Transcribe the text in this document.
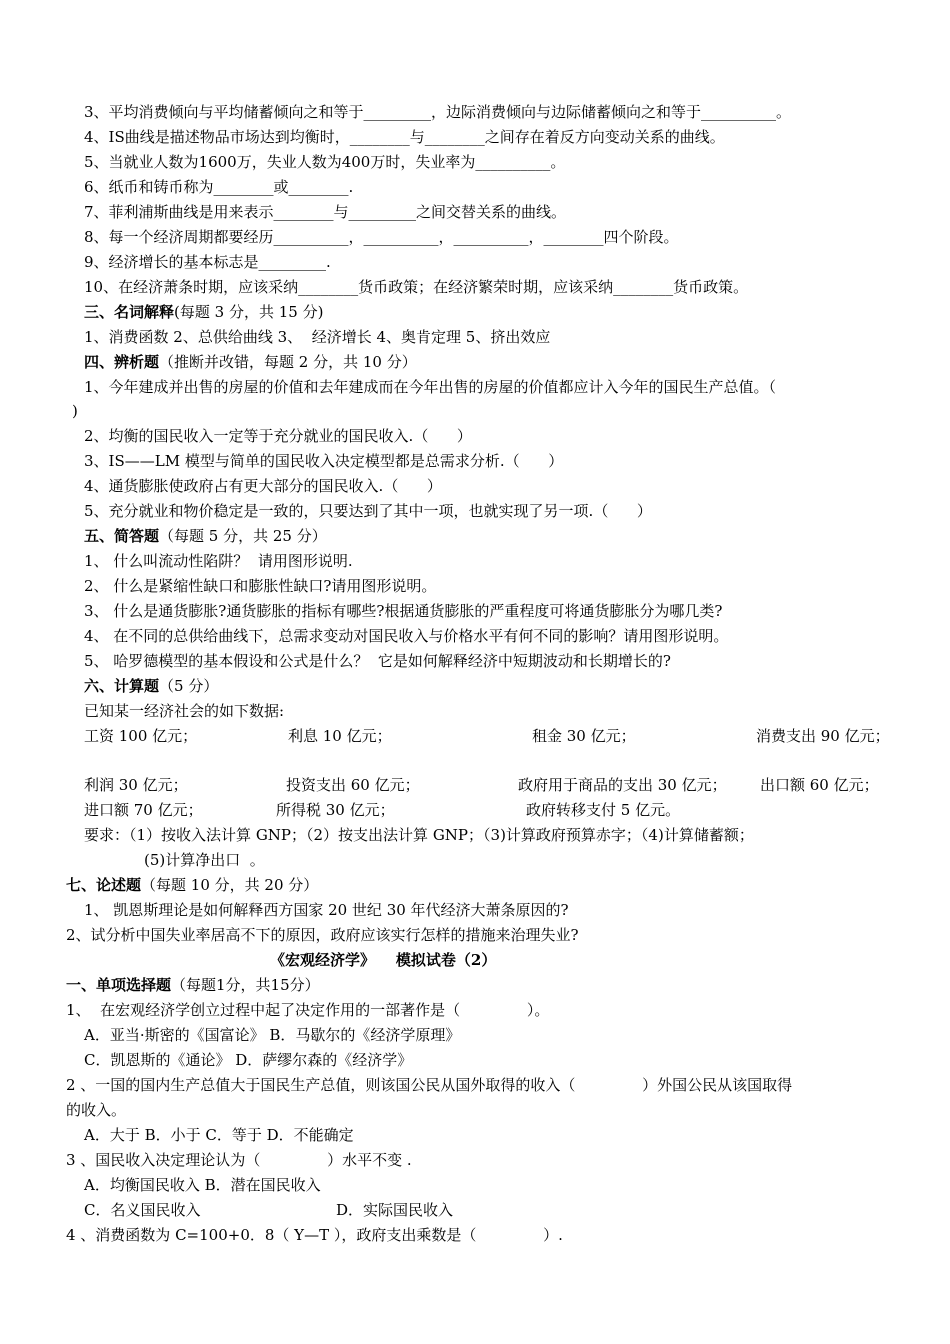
3、平均消费倾向与平均储蓄倾向之和等于_________，边际消费倾向与边际储蓄倾向之和等于__________。
4、IS曲线是描述物品市场达到均衡时，________与________之间存在着反方向变动关系的曲线。
5、当就业人数为1600万，失业人数为400万时，失业率为__________。
6、纸币和铸币称为________或________.
7、菲利浦斯曲线是用来表示________与_________之间交替关系的曲线。
8、每一个经济周期都要经历__________，__________，__________，________四个阶段。
9、经济增长的基本标志是_________.
10、在经济萧条时期，应该采纳________货币政策；在经济繁荣时期，应该采纳________货币政策。
三、名词解释(每题 3 分，共 15 分)
1、消费函数 2、总供给曲线 3、  经济增长 4、奥肯定理 5、挤出效应
四、辨析题（推断并改错，每题 2 分，共 10 分）
1、今年建成并出售的房屋的价值和去年建成而在今年出售的房屋的价值都应计入今年的国民生产总值。（
)
2、均衡的国民收入一定等于充分就业的国民收入.（      ）
3、IS——LM 模型与简单的国民收入决定模型都是总需求分析.（      ）
4、通货膨胀使政府占有更大部分的国民收入.（      ）
5、充分就业和物价稳定是一致的，只要达到了其中一项，也就实现了另一项.（      ）
五、简答题（每题 5 分，共 25 分）
1、 什么叫流动性陷阱？  请用图形说明.
2、 什么是紧缩性缺口和膨胀性缺口?请用图形说明。
3、 什么是通货膨胀?通货膨胀的指标有哪些?根据通货膨胀的严重程度可将通货膨胀分为哪几类?
4、 在不同的总供给曲线下，总需求变动对国民收入与价格水平有何不同的影响？请用图形说明。
5、 哈罗德模型的基本假设和公式是什么？  它是如何解释经济中短期波动和长期增长的?
六、计算题（5 分）
已知某一经济社会的如下数据:
工资 100 亿元；	利息 10 亿元；	租金 30 亿元；	消费支出 90 亿元；
利润 30 亿元；	投资支出 60 亿元；	政府用于商品的支出 30 亿元； 出口额 60 亿元；
进口额 70 亿元；	所得税 30 亿元；	政府转移支付 5 亿元。
要求：（1）按收入法计算 GNP；（2）按支出法计算 GNP；（3)计算政府预算赤字；（4)计算储蓄额；
(5)计算净出口  。
七、论述题（每题 10 分，共 20 分）
1、 凯恩斯理论是如何解释西方国家 20 世纪 30 年代经济大萧条原因的?
2、试分析中国失业率居高不下的原因，政府应该实行怎样的措施来治理失业?
《宏观经济学》    模拟试卷（2）
一、单项选择题（每题1分，共15分）
1、  在宏观经济学创立过程中起了决定作用的一部著作是（              ）。
A．亚当·斯密的《国富论》 B．马歇尔的《经济学原理》
C．凯恩斯的《通论》 D．萨缪尔森的《经济学》
2 、一国的国内生产总值大于国民生产总值，则该国公民从国外取得的收入（              ）外国公民从该国取得
的收入。
A．大于 B．小于 C．等于 D．不能确定
3 、国民收入决定理论认为（              ）水平不变 .
A．均衡国民收入 B．潜在国民收入
C．名义国民收入	D．实际国民收入
4 、消费函数为 C=100+0．8（ Y—T ），政府支出乘数是（              ）.
